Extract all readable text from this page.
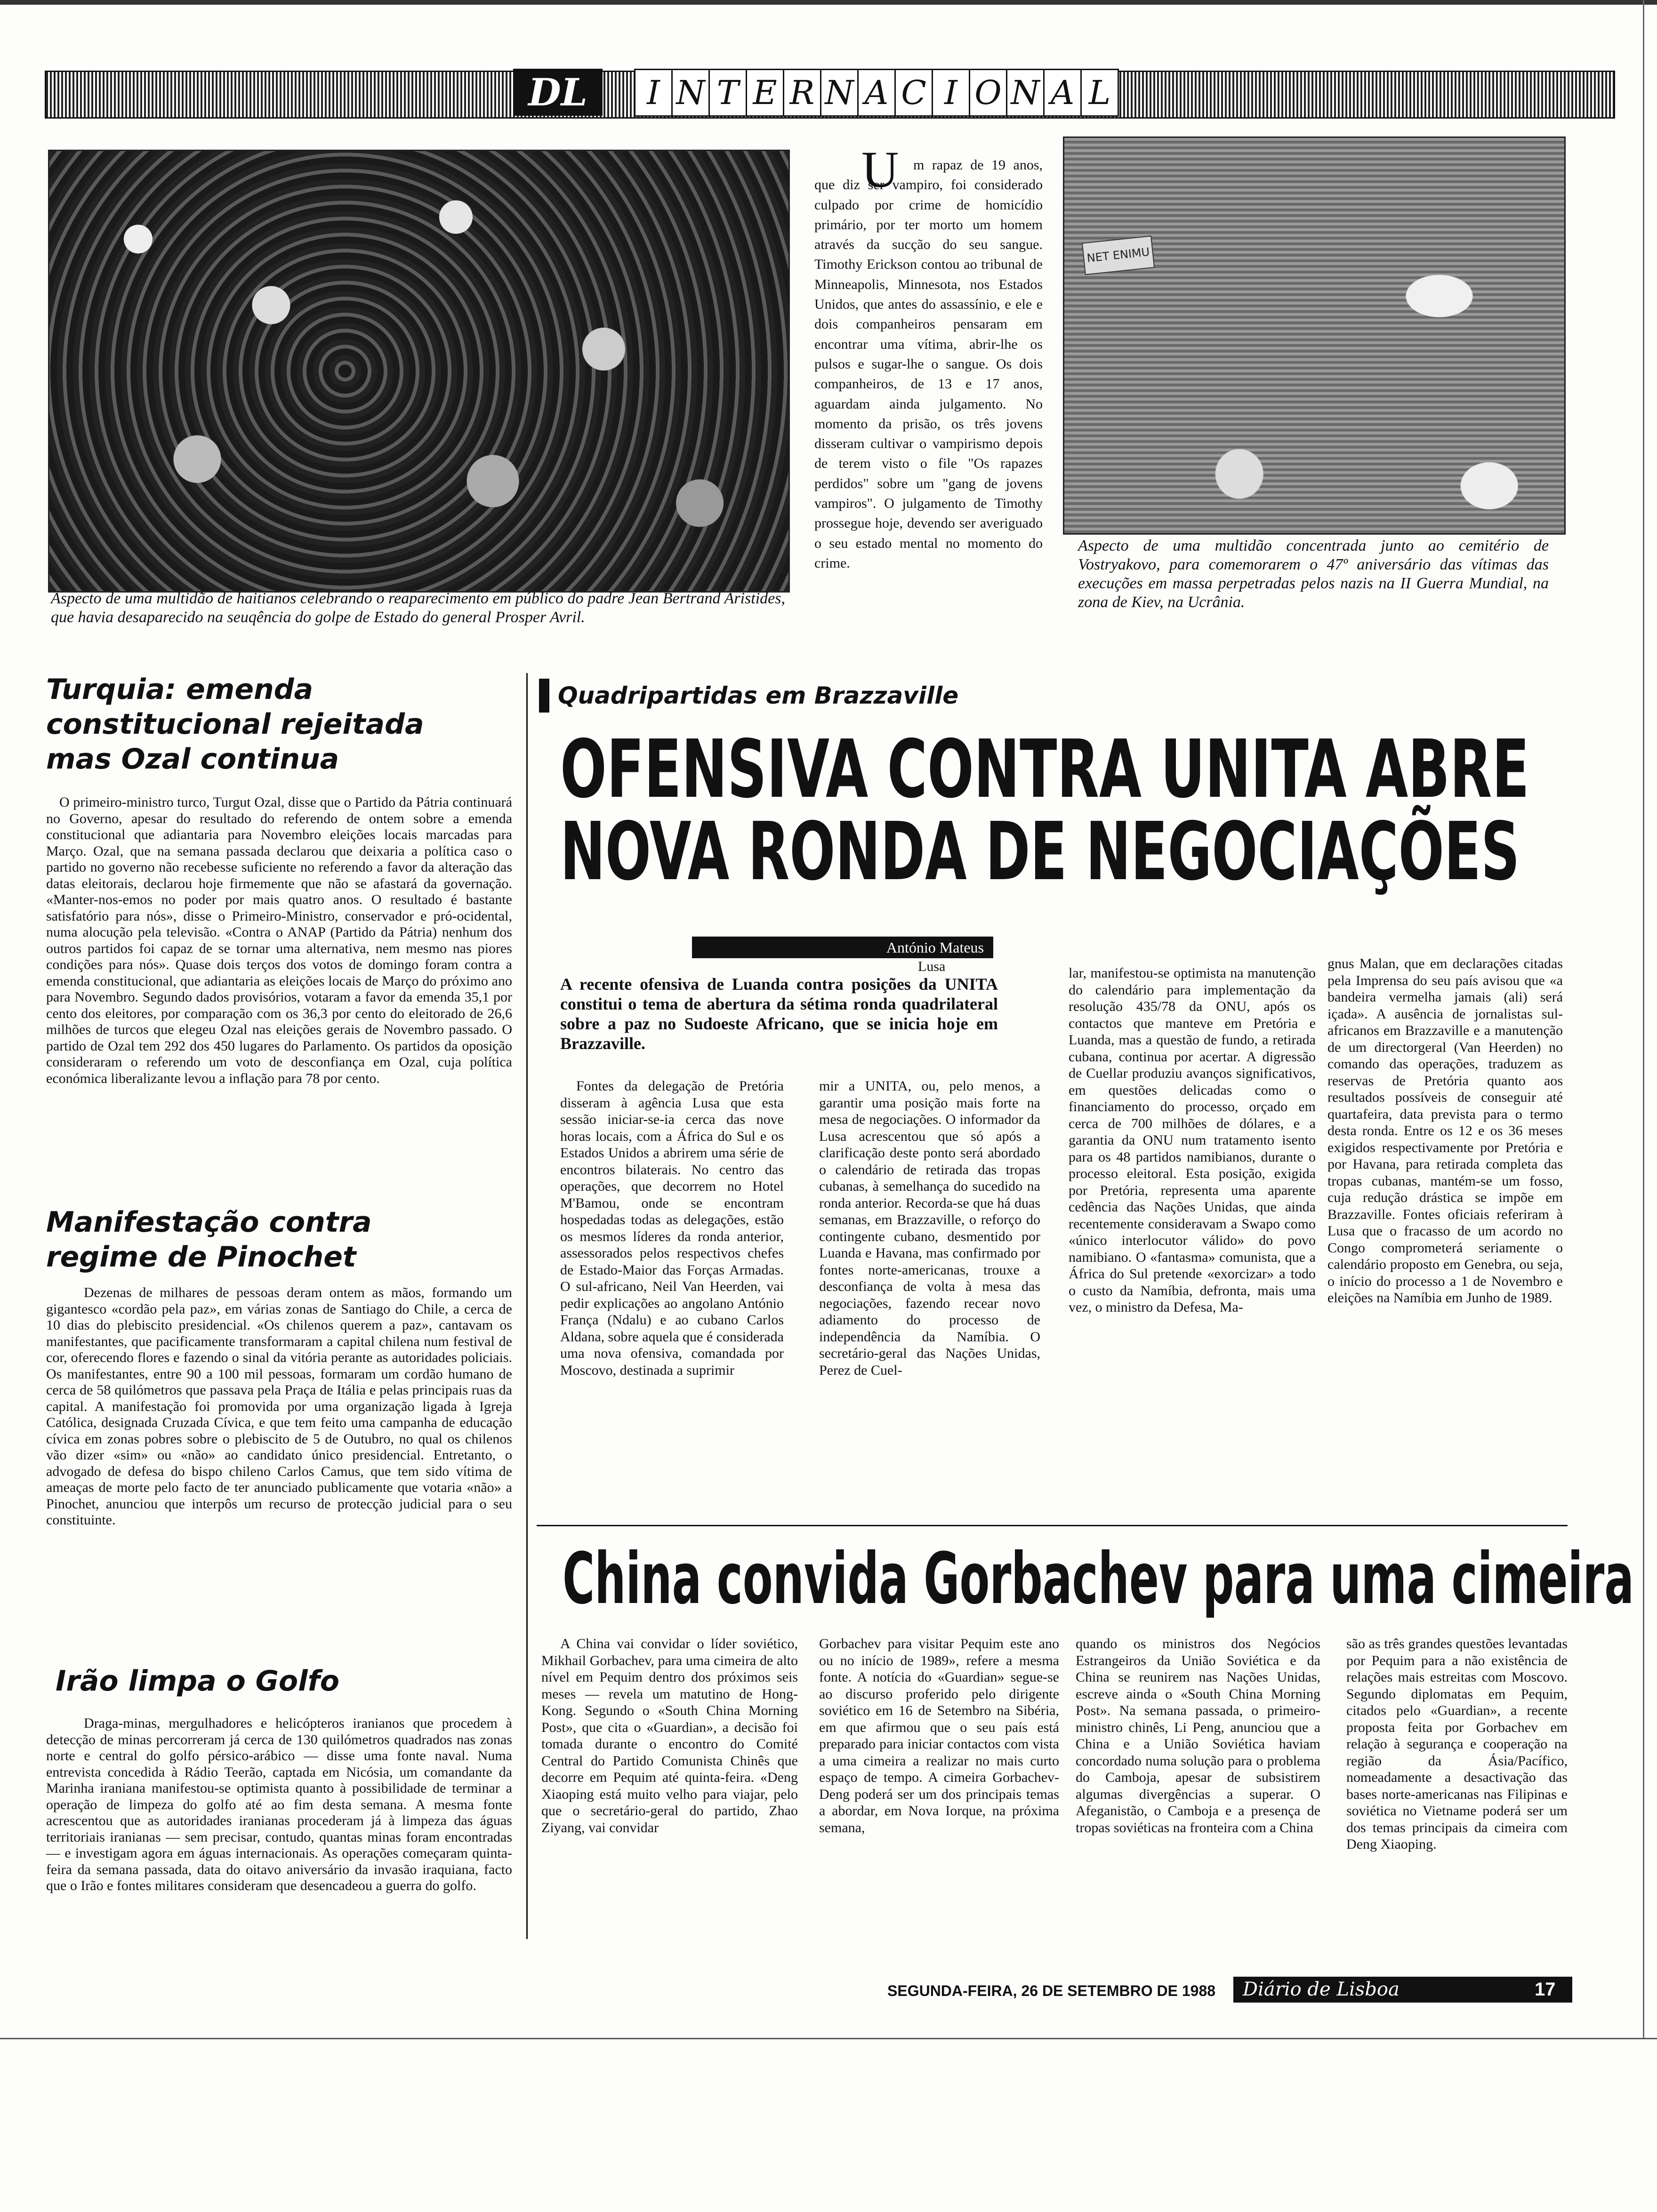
DL	I N T E R N A C I O N A L
Aspecto de uma multidão de haitianos celebrando o reaparecimento em público do padre Jean Bertrand Aristides, que havia desaparecido na seuqência do golpe de Estado do general Prosper Avril.
U	m rapaz de 19 anos, que diz ser vampiro, foi considerado culpado por crime de homicídio primário, por ter morto um homem através da sucção do seu sangue. Timothy Erickson contou ao tribunal de Minneapolis, Minnesota, nos Estados Unidos, que antes do assassínio, e ele e dois companheiros pensaram em encontrar uma vítima, abrir-lhe os pulsos e sugar-lhe o sangue. Os dois companheiros, de 13 e 17 anos, aguardam ainda julgamento. No momento da prisão, os três jovens disseram cultivar o vampirismo depois de terem visto o file "Os rapazes perdidos" sobre um "gang de jovens vampiros". O julgamento de Timothy prossegue hoje, devendo ser averiguado o seu estado mental no momento do crime.
NET ENIMU
Aspecto de uma multidão concentrada junto ao cemitério de Vostryakovo, para comemorarem o 47º aniversário das vítimas das execuções em massa perpetradas pelos nazis na II Guerra Mundial, na zona de Kiev, na Ucrânia.
Turquia: emenda constitucional rejeitada mas Ozal continua
O primeiro-ministro turco, Turgut Ozal, disse que o Partido da Pátria continuará no Governo, apesar do resultado do referendo de ontem sobre a emenda constitucional que adiantaria para Novembro eleições locais marcadas para Março. Ozal, que na semana passada declarou que deixaria a política caso o partido no governo não recebesse suficiente no referendo a favor da alteração das datas eleitorais, declarou hoje firmemente que não se afastará da governação. «Manter-nos-emos no poder por mais quatro anos. O resultado é bastante satisfatório para nós», disse o Primeiro-Ministro, conservador e pró-ocidental, numa alocução pela televisão. «Contra o ANAP (Partido da Pátria) nenhum dos outros partidos foi capaz de se tornar uma alternativa, nem mesmo nas piores condições para nós». Quase dois terços dos votos de domingo foram contra a emenda constitucional, que adiantaria as eleições locais de Março do próximo ano para Novembro. Segundo dados provisórios, votaram a favor da emenda 35,1 por cento dos eleitores, por comparação com os 36,3 por cento do eleitorado de 26,6 milhões de turcos que elegeu Ozal nas eleições gerais de Novembro passado. O partido de Ozal tem 292 dos 450 lugares do Parlamento. Os partidos da oposição consideraram o referendo um voto de desconfiança em Ozal, cuja política económica liberalizante levou a inflação para 78 por cento.
Manifestação contra regime de Pinochet
Dezenas de milhares de pessoas deram ontem as mãos, formando um gigantesco «cordão pela paz», em várias zonas de Santiago do Chile, a cerca de 10 dias do plebiscito presidencial. «Os chilenos querem a paz», cantavam os manifestantes, que pacificamente transformaram a capital chilena num festival de cor, oferecendo flores e fazendo o sinal da vitória perante as autoridades policiais. Os manifestantes, entre 90 a 100 mil pessoas, formaram um cordão humano de cerca de 58 quilómetros que passava pela Praça de Itália e pelas principais ruas da capital. A manifestação foi promovida por uma organização ligada à Igreja Católica, designada Cruzada Cívica, e que tem feito uma campanha de educação cívica em zonas pobres sobre o plebiscito de 5 de Outubro, no qual os chilenos vão dizer «sim» ou «não» ao candidato único presidencial. Entretanto, o advogado de defesa do bispo chileno Carlos Camus, que tem sido vítima de ameaças de morte pelo facto de ter anunciado publicamente que votaria «não» a Pinochet, anunciou que interpôs um recurso de protecção judicial para o seu constituinte.
Irão limpa o Golfo
Draga-minas, mergulhadores e helicópteros iranianos que procedem à detecção de minas percorreram já cerca de 130 quilómetros quadrados nas zonas norte e central do golfo pérsico-arábico — disse uma fonte naval. Numa entrevista concedida à Rádio Teerão, captada em Nicósia, um comandante da Marinha iraniana manifestou-se optimista quanto à possibilidade de terminar a operação de limpeza do golfo até ao fim desta semana. A mesma fonte acrescentou que as autoridades iranianas procederam já à limpeza das águas territoriais iranianas — sem precisar, contudo, quantas minas foram encontradas — e investigam agora em águas internacionais. As operações começaram quinta-feira da semana passada, data do oitavo aniversário da invasão iraquiana, facto que o Irão e fontes militares consideram que desencadeou a guerra do golfo.
Quadripartidas em Brazzaville
OFENSIVA CONTRA UNITA ABRE
NOVA RONDA DE NEGOCIAÇÕES
António Mateus
Lusa
A recente ofensiva de Luanda contra posições da UNITA constitui o tema de abertura da sétima ronda quadrilateral sobre a paz no Sudoeste Africano, que se inicia hoje em Brazzaville.
Fontes da delegação de Pretória disseram à agência Lusa que esta sessão iniciar-se-ia cerca das nove horas locais, com a África do Sul e os Estados Unidos a abrirem uma série de encontros bilaterais. No centro das operações, que decorrem no Hotel M'Bamou, onde se encontram hospedadas todas as delegações, estão os mesmos líderes da ronda anterior, assessorados pelos respectivos chefes de Estado-Maior das Forças Armadas. O sul-africano, Neil Van Heerden, vai pedir explicações ao angolano António França (Ndalu) e ao cubano Carlos Aldana, sobre aquela que é considerada uma nova ofensiva, comandada por Moscovo, destinada a suprimir
mir a UNITA, ou, pelo menos, a garantir uma posição mais forte na mesa de negociações. O informador da Lusa acrescentou que só após a clarificação deste ponto será abordado o calendário de retirada das tropas cubanas, à semelhança do sucedido na ronda anterior. Recorda-se que há duas semanas, em Brazzaville, o reforço do contingente cubano, desmentido por Luanda e Havana, mas confirmado por fontes norte-americanas, trouxe a desconfiança de volta à mesa das negociações, fazendo recear novo adiamento do processo de independência da Namíbia. O secretário-geral das Nações Unidas, Perez de Cuel-
lar, manifestou-se optimista na manutenção do calendário para implementação da resolução 435/78 da ONU, após os contactos que manteve em Pretória e Luanda, mas a questão de fundo, a retirada cubana, continua por acertar. A digressão de Cuellar produziu avanços significativos, em questões delicadas como o financiamento do processo, orçado em cerca de 700 milhões de dólares, e a garantia da ONU num tratamento isento para os 48 partidos namibianos, durante o processo eleitoral. Esta posição, exigida por Pretória, representa uma aparente cedência das Nações Unidas, que ainda recentemente consideravam a Swapo como «único interlocutor válido» do povo namibiano. O «fantasma» comunista, que a África do Sul pretende «exorcizar» a todo o custo da Namíbia, defronta, mais uma vez, o ministro da Defesa, Ma-
gnus Malan, que em declarações citadas pela Imprensa do seu país avisou que «a bandeira vermelha jamais (ali) será içada». A ausência de jornalistas sul-africanos em Brazzaville e a manutenção de um directorgeral (Van Heerden) no comando das operações, traduzem as reservas de Pretória quanto aos resultados possíveis de conseguir até quartafeira, data prevista para o termo desta ronda. Entre os 12 e os 36 meses exigidos respectivamente por Pretória e por Havana, para retirada completa das tropas cubanas, mantém-se um fosso, cuja redução drástica se impõe em Brazzaville. Fontes oficiais referiram à Lusa que o fracasso de um acordo no Congo comprometerá seriamente o calendário proposto em Genebra, ou seja, o início do processo a 1 de Novembro e eleições na Namíbia em Junho de 1989.
China convida Gorbachev para uma cimeira
A China vai convidar o líder soviético, Mikhail Gorbachev, para uma cimeira de alto nível em Pequim dentro dos próximos seis meses — revela um matutino de Hong-Kong. Segundo o «South China Morning Post», que cita o «Guardian», a decisão foi tomada durante o encontro do Comité Central do Partido Comunista Chinês que decorre em Pequim até quinta-feira. «Deng Xiaoping está muito velho para viajar, pelo que o secretário-geral do partido, Zhao Ziyang, vai convidar
Gorbachev para visitar Pequim este ano ou no início de 1989», refere a mesma fonte. A notícia do «Guardian» segue-se ao discurso proferido pelo dirigente soviético em 16 de Setembro na Sibéria, em que afirmou que o seu país está preparado para iniciar contactos com vista a uma cimeira a realizar no mais curto espaço de tempo. A cimeira Gorbachev-Deng poderá ser um dos principais temas a abordar, em Nova Iorque, na próxima semana,
quando os ministros dos Negócios Estrangeiros da União Soviética e da China se reunirem nas Nações Unidas, escreve ainda o «South China Morning Post». Na semana passada, o primeiro-ministro chinês, Li Peng, anunciou que a China e a União Soviética haviam concordado numa solução para o problema do Camboja, apesar de subsistirem algumas divergências a superar. O Afeganistão, o Camboja e a presença de tropas soviéticas na fronteira com a China
são as três grandes questões levantadas por Pequim para a não existência de relações mais estreitas com Moscovo. Segundo diplomatas em Pequim, citados pelo «Guardian», a recente proposta feita por Gorbachev em relação à segurança e cooperação na região da Ásia/Pacífico, nomeadamente a desactivação das bases norte-americanas nas Filipinas e soviética no Vietname poderá ser um dos temas principais da cimeira com Deng Xiaoping.
SEGUNDA-FEIRA, 26 DE SETEMBRO DE 1988 Diário de Lisboa	17
